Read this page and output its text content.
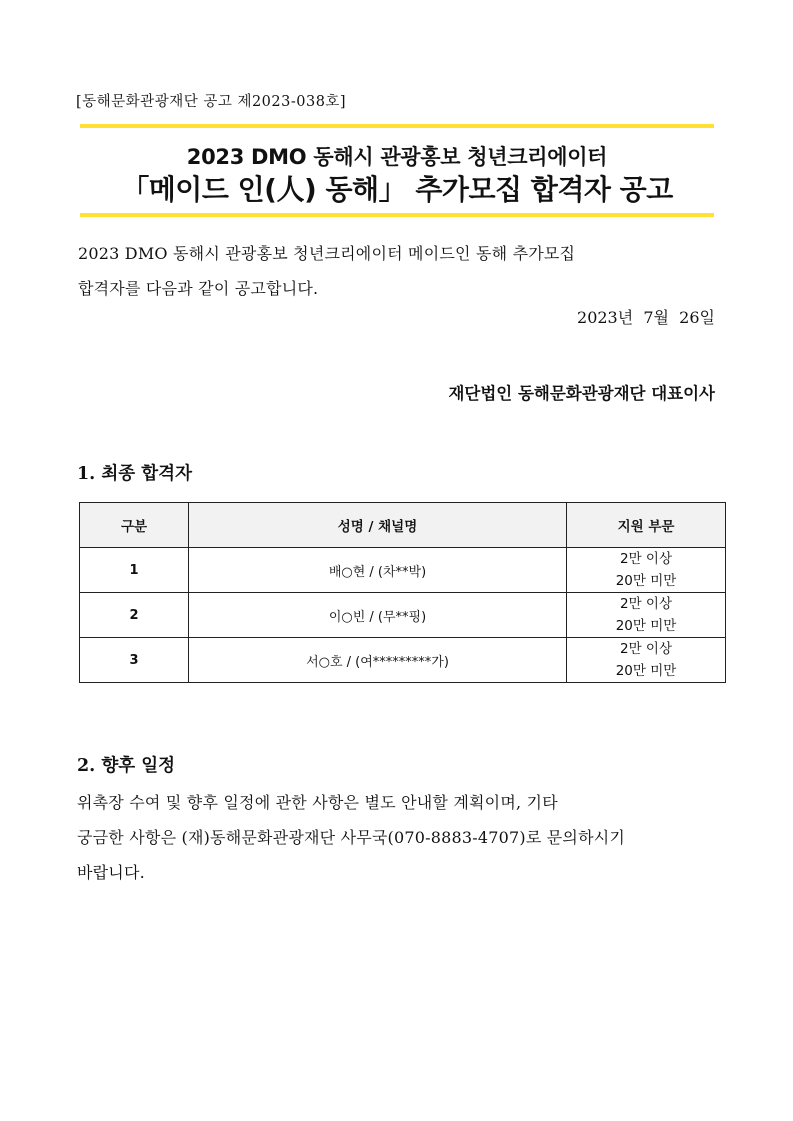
[동해문화관광재단 공고 제2023-038호]
2023 DMO 동해시 관광홍보 청년크리에이터
「메이드 인(人) 동해」 추가모집 합격자 공고
2023 DMO 동해시 관광홍보 청년크리에이터 메이드인 동해 추가모집
합격자를 다음과 같이 공고합니다.
2023년  7월  26일
재단법인 동해문화관광재단 대표이사
1. 최종 합격자
구분	성명 / 채널명	지원 부문
1	배○현 / (차**박)	2만 이상
20만 미만

2	이○빈 / (무**핑)	2만 이상
20만 미만

3	서○호 / (여*********가)	2만 이상
20만 미만
2. 향후 일정
위촉장 수여 및 향후 일정에 관한 사항은 별도 안내할 계획이며, 기타
궁금한 사항은 (재)동해문화관광재단 사무국(070-8883-4707)로 문의하시기
바랍니다.
